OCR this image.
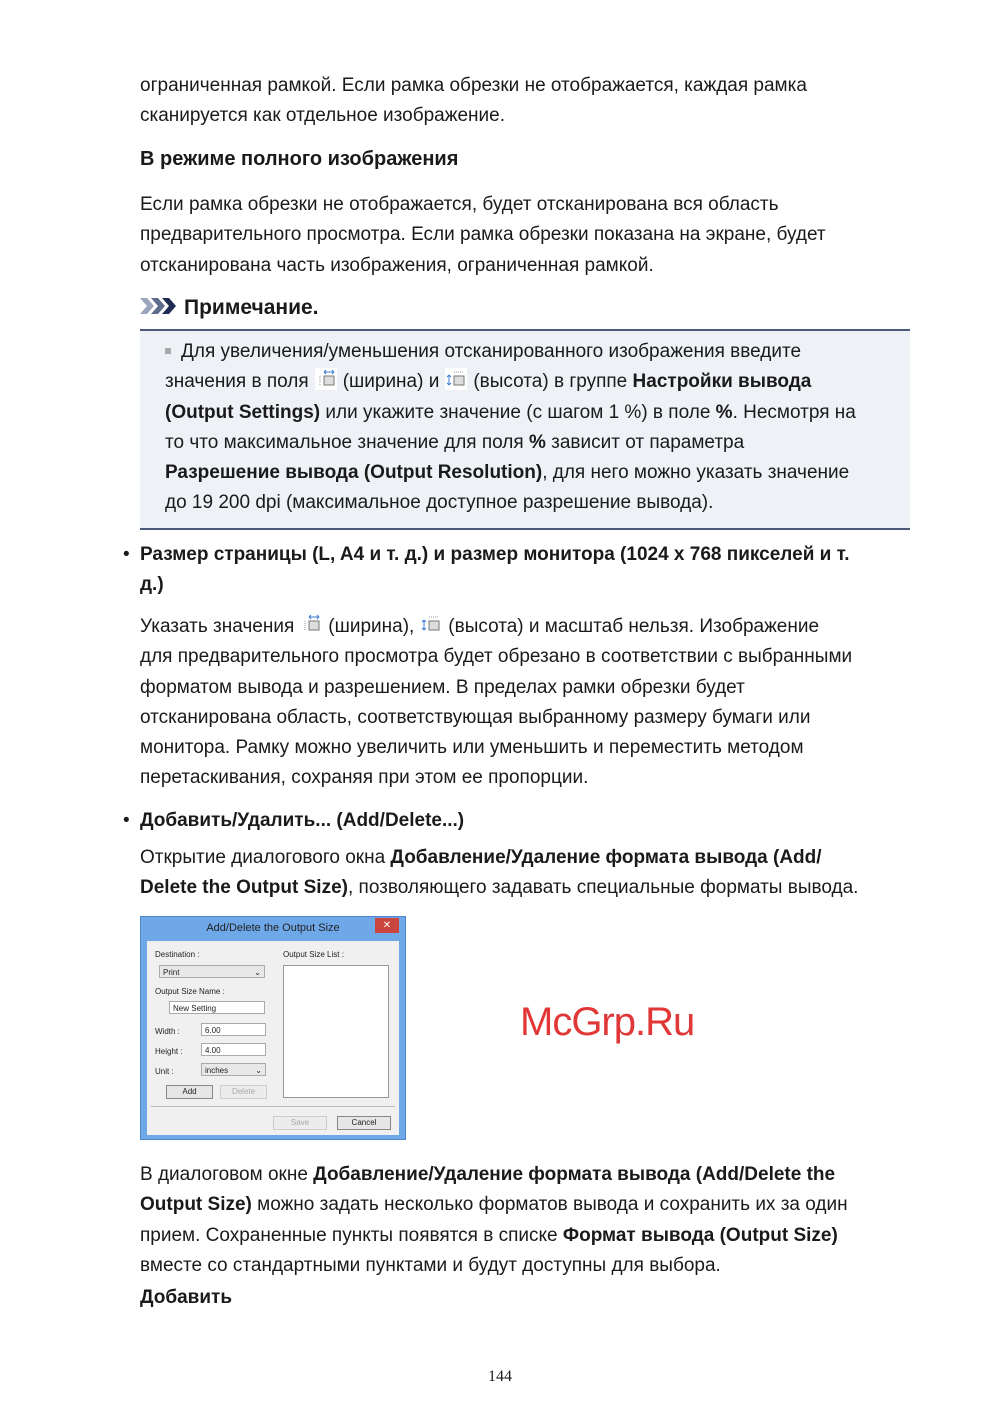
ограниченная рамкой. Если рамка обрезки не отображается, каждая рамка
сканируется как отдельное изображение.
В режиме полного изображения
Если рамка обрезки не отображается, будет отсканирована вся область
предварительного просмотра. Если рамка обрезки показана на экране, будет
отсканирована часть изображения, ограниченная рамкой.
Примечание.
Для увеличения/уменьшения отсканированного изображения введите
значения в поля (ширина) и (высота) в группе Настройки вывода
(Output Settings) или укажите значение (с шагом 1 %) в поле %. Несмотря на
то что максимальное значение для поля % зависит от параметра
Разрешение вывода (Output Resolution), для него можно указать значение
до 19 200 dpi (максимальное доступное разрешение вывода).
• Размер страницы (L, A4 и т. д.) и размер монитора (1024 x 768 пикселей и т.
д.)
Указать значения (ширина), (высота) и масштаб нельзя. Изображение
для предварительного просмотра будет обрезано в соответствии с выбранными
форматом вывода и разрешением. В пределах рамки обрезки будет
отсканирована область, соответствующая выбранному размеру бумаги или
монитора. Рамку можно увеличить или уменьшить и переместить методом
перетаскивания, сохраняя при этом ее пропорции.
• Добавить/Удалить... (Add/Delete...)
Открытие диалогового окна Добавление/Удаление формата вывода (Add/
Delete the Output Size), позволяющего задавать специальные форматы вывода.
Add/Delete the Output Size	✕
Destination :
Print	⌄
Output Size Name :
New Setting
Width :	6.00
Height :	4.00
Unit :	inches	⌄
Add	Delete
Output Size List :
Save	Cancel
В диалоговом окне Добавление/Удаление формата вывода (Add/Delete the
Output Size) можно задать несколько форматов вывода и сохранить их за один
прием. Сохраненные пункты появятся в списке Формат вывода (Output Size)
вместе со стандартными пунктами и будут доступны для выбора.
Добавить
McGrp.Ru
144
